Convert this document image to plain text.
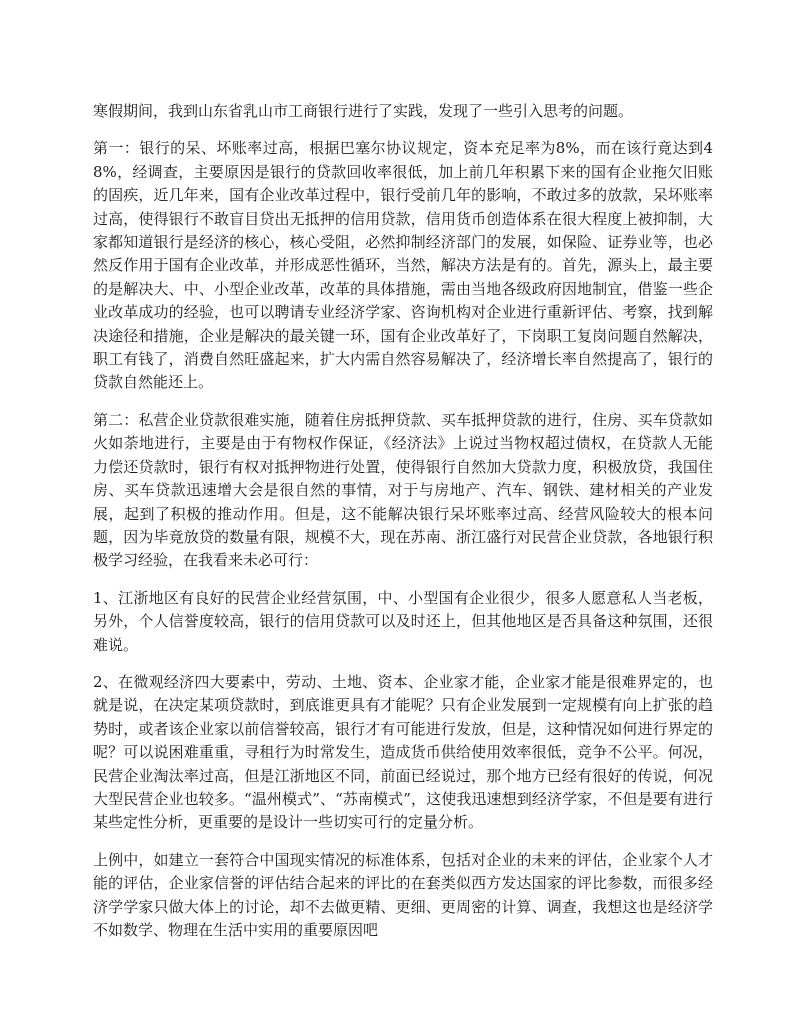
寒假期间，我到山东省乳山市工商银行进行了实践，发现了一些引入思考的问题。

第一：银行的呆、坏账率过高，根据巴塞尔协议规定，资本充足率为8%，而在该行竟达到48%，经调查，主要原因是银行的贷款回收率很低，加上前几年积累下来的国有企业拖欠旧账的固疾，近几年来，国有企业改革过程中，银行受前几年的影响，不敢过多的放款，呆坏账率过高，使得银行不敢盲目贷出无抵押的信用贷款，信用货币创造体系在很大程度上被抑制，大家都知道银行是经济的核心，核心受阻，必然抑制经济部门的发展，如保险、证券业等，也必然反作用于国有企业改革，并形成恶性循环，当然，解决方法是有的。首先，源头上，最主要的是解决大、中、小型企业改革，改革的具体措施，需由当地各级政府因地制宜，借鉴一些企业改革成功的经验，也可以聘请专业经济学家、咨询机构对企业进行重新评估、考察，找到解决途径和措施，企业是解决的最关键一环，国有企业改革好了，下岗职工复岗问题自然解决，职工有钱了，消费自然旺盛起来，扩大内需自然容易解决了，经济增长率自然提高了，银行的贷款自然能还上。

第二：私营企业贷款很难实施，随着住房抵押贷款、买车抵押贷款的进行，住房、买车贷款如火如荼地进行，主要是由于有物权作保证，《经济法》上说过当物权超过债权，在贷款人无能力偿还贷款时，银行有权对抵押物进行处置，使得银行自然加大贷款力度，积极放贷，我国住房、买车贷款迅速增大会是很自然的事情，对于与房地产、汽车、钢铁、建材相关的产业发展，起到了积极的推动作用。但是，这不能解决银行呆坏账率过高、经营风险较大的根本问题，因为毕竟放贷的数量有限，规模不大，现在苏南、浙江盛行对民营企业贷款，各地银行积极学习经验，在我看来未必可行：

1、江浙地区有良好的民营企业经营氛围，中、小型国有企业很少，很多人愿意私人当老板，另外，个人信誉度较高，银行的信用贷款可以及时还上，但其他地区是否具备这种氛围，还很难说。

2、在微观经济四大要素中，劳动、土地、资本、企业家才能，企业家才能是很难界定的，也就是说，在决定某项贷款时，到底谁更具有才能呢？只有企业发展到一定规模有向上扩张的趋势时，或者该企业家以前信誉较高，银行才有可能进行发放，但是，这种情况如何进行界定的呢？可以说困难重重，寻租行为时常发生，造成货币供给使用效率很低，竞争不公平。何况，民营企业淘汰率过高，但是江浙地区不同，前面已经说过，那个地方已经有很好的传说，何况大型民营企业也较多。“温州模式”、“苏南模式”，这使我迅速想到经济学家，不但是要有进行某些定性分析，更重要的是设计一些切实可行的定量分析。

上例中，如建立一套符合中国现实情况的标准体系，包括对企业的未来的评估，企业家个人才能的评估，企业家信誉的评估结合起来的评比的在套类似西方发达国家的评比参数，而很多经济学学家只做大体上的讨论，却不去做更精、更细、更周密的计算、调查，我想这也是经济学不如数学、物理在生活中实用的重要原因吧
